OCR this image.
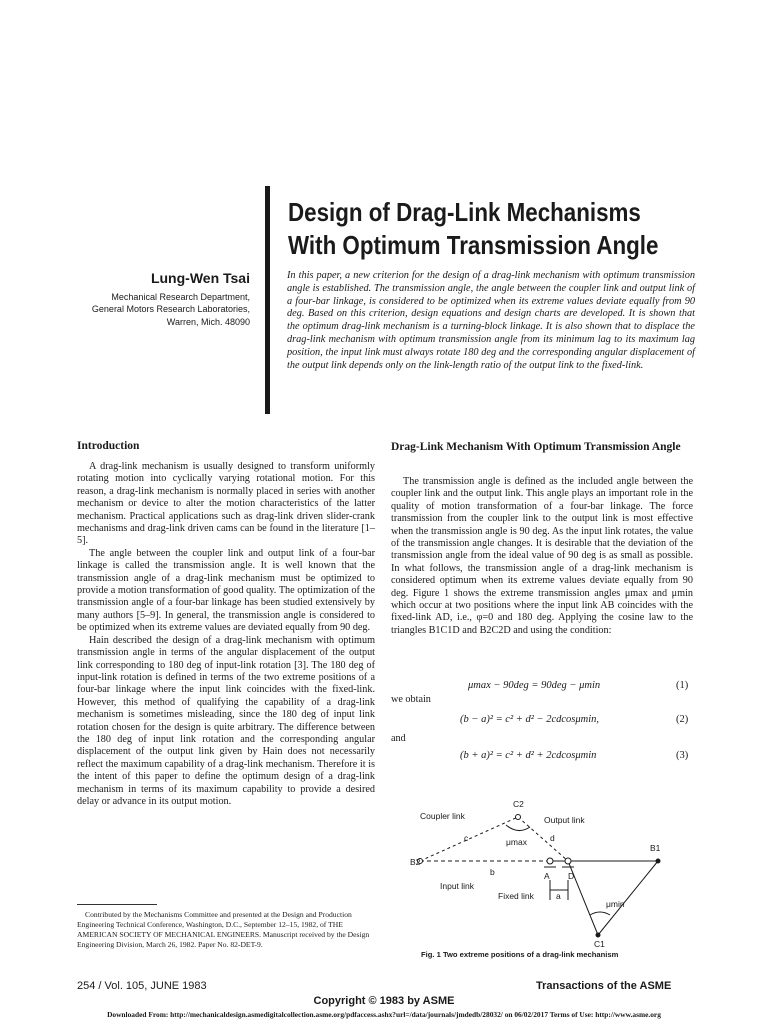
Design of Drag-Link Mechanisms
With Optimum Transmission Angle
Lung-Wen Tsai
Mechanical Research Department,
General Motors Research Laboratories,
Warren, Mich. 48090
In this paper, a new criterion for the design of a drag-link mechanism with optimum transmission angle is established. The transmission angle, the angle between the coupler link and output link of a four-bar linkage, is considered to be optimized when its extreme values deviate equally from 90 deg. Based on this criterion, design equations and design charts are developed. It is shown that the optimum drag-link mechanism is a turning-block linkage. It is also shown that to displace the drag-link mechanism with optimum transmission angle from its minimum lag to its maximum lag position, the input link must always rotate 180 deg and the corresponding angular displacement of the output link depends only on the link-length ratio of the output link to the fixed-link.
Introduction

A drag-link mechanism is usually designed to transform uniformly rotating motion into cyclically varying rotational motion. For this reason, a drag-link mechanism is normally placed in series with another mechanism or device to alter the motion characteristics of the latter mechanism. Practical applications such as drag-link driven slider-crank mechanisms and drag-link driven cams can be found in the literature [1–5].

The angle between the coupler link and output link of a four-bar linkage is called the transmission angle. It is well known that the transmission angle of a drag-link mechanism must be optimized to provide a motion transformation of good quality. The optimization of the transmission angle of a four-bar linkage has been studied extensively by many authors [5–9]. In general, the transmission angle is considered to be optimized when its extreme values are deviated equally from 90 deg.

Hain described the design of a drag-link mechanism with optimum transmission angle in terms of the angular displacement of the output link corresponding to 180 deg of input-link rotation [3]. The 180 deg of input-link rotation is defined in terms of the two extreme positions of a four-bar linkage where the input link coincides with the fixed-link. However, this method of qualifying the capability of a drag-link mechanism is sometimes misleading, since the 180 deg of input link rotation chosen for the design is quite arbitrary. The difference between the 180 deg of input link rotation and the corresponding angular displacement of the output link given by Hain does not necessarily reflect the maximum capability of a drag-link mechanism. Therefore it is the intent of this paper to define the optimum design of a drag-link mechanism in terms of its maximum capability to provide a desired delay or advance in its output motion.

Contributed by the Mechanisms Committee and presented at the Design and Production Engineering Technical Conference, Washington, D.C., September 12–15, 1982, of THE AMERICAN SOCIETY OF MECHANICAL ENGINEERS. Manuscript received by the Design Engineering Division, March 26, 1982. Paper No. 82-DET-9.
Drag-Link Mechanism With Optimum Transmission Angle

The transmission angle is defined as the included angle between the coupler link and the output link. This angle plays an important role in the quality of motion transformation of a four-bar linkage. The force transmission from the coupler link to the output link is most effective when the transmission angle is 90 deg. As the input link rotates, the value of the transmission angle changes. It is desirable that the deviation of the transmission angle from the ideal value of 90 deg is as small as possible. In what follows, the transmission angle of a drag-link mechanism is considered optimum when its extreme values deviate equally from 90 deg. Figure 1 shows the extreme transmission angles μmax and μmin which occur at two positions where the input link AB coincides with the fixed-link AD, i.e., φ=0 and 180 deg. Applying the cosine law to the triangles B1C1D and B2C2D and using the condition:

μmax − 90deg = 90deg − μmin	(1)
we obtain
(b − a)² = c² + d² − 2cdcosμmin,	(2)
and
(b + a)² = c² + d² + 2cdcosμmin	(3)
Coupler link	Output link
C2
c	d
μmax
B1
B2
b
Input link
A D
Fixed link	a
μmin
C1
Fig. 1 Two extreme positions of a drag-link mechanism
254 / Vol. 105, JUNE 1983	Transactions of the ASME
Copyright © 1983 by ASME
Downloaded From: http://mechanicaldesign.asmedigitalcollection.asme.org/pdfaccess.ashx?url=/data/journals/jmdedb/28032/ on 06/02/2017 Terms of Use: http://www.asme.org
